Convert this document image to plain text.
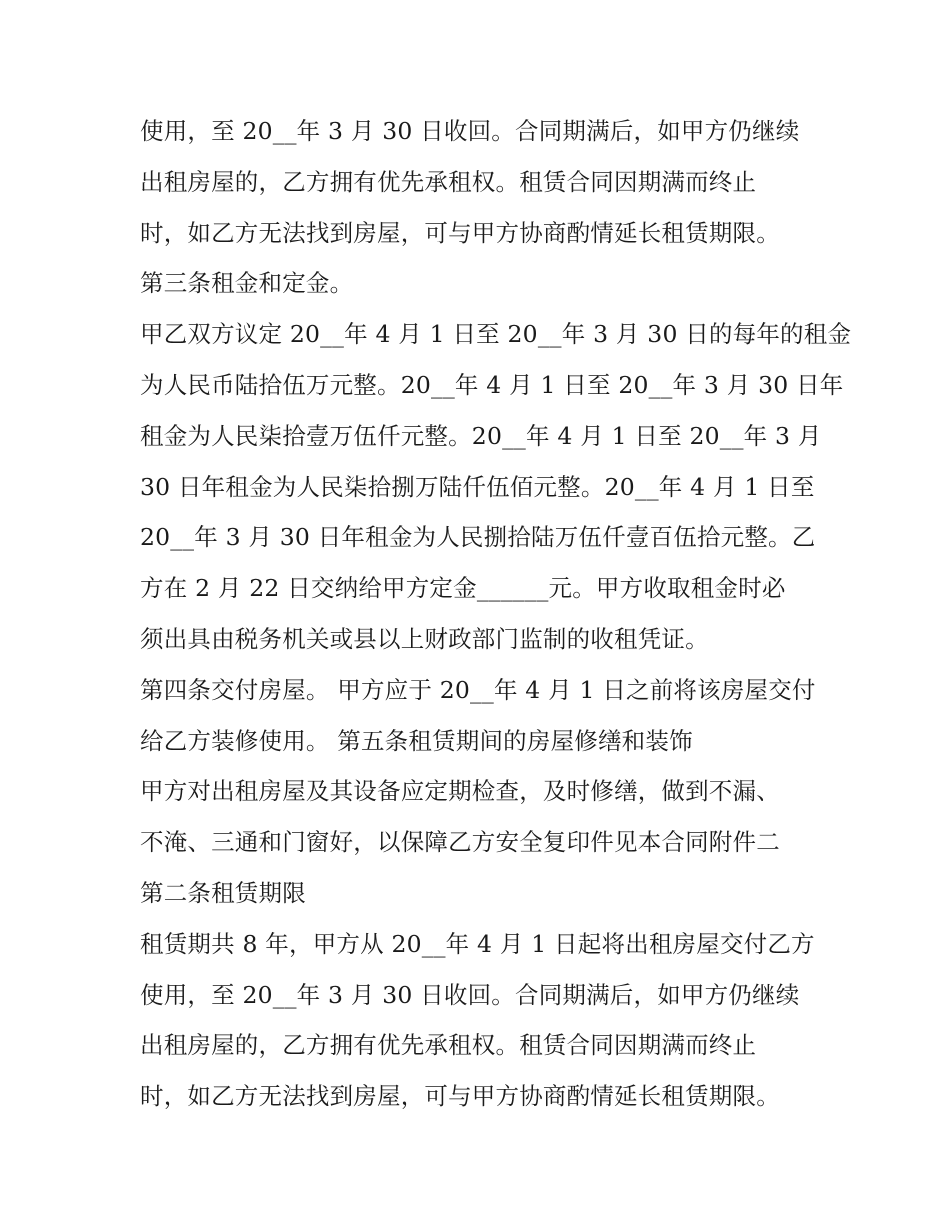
使用，至 20__年 3 月 30 日收回。合同期满后，如甲方仍继续
出租房屋的，乙方拥有优先承租权。租赁合同因期满而终止
时，如乙方无法找到房屋，可与甲方协商酌情延长租赁期限。
第三条租金和定金。
甲乙双方议定 20__年 4 月 1 日至 20__年 3 月 30 日的每年的租金
为人民币陆拾伍万元整。20__年 4 月 1 日至 20__年 3 月 30 日年
租金为人民柒拾壹万伍仟元整。20__年 4 月 1 日至 20__年 3 月
30 日年租金为人民柒拾捌万陆仟伍佰元整。20__年 4 月 1 日至
20__年 3 月 30 日年租金为人民捌拾陆万伍仟壹百伍拾元整。乙
方在 2 月 22 日交纳给甲方定金______元。甲方收取租金时必
须出具由税务机关或县以上财政部门监制的收租凭证。
第四条交付房屋。 甲方应于 20__年 4 月 1 日之前将该房屋交付
给乙方装修使用。 第五条租赁期间的房屋修缮和装饰
甲方对出租房屋及其设备应定期检查，及时修缮，做到不漏、
不淹、三通和门窗好，以保障乙方安全复印件见本合同附件二
第二条租赁期限
租赁期共 8 年，甲方从 20__年 4 月 1 日起将出租房屋交付乙方
使用，至 20__年 3 月 30 日收回。合同期满后，如甲方仍继续
出租房屋的，乙方拥有优先承租权。租赁合同因期满而终止
时，如乙方无法找到房屋，可与甲方协商酌情延长租赁期限。
